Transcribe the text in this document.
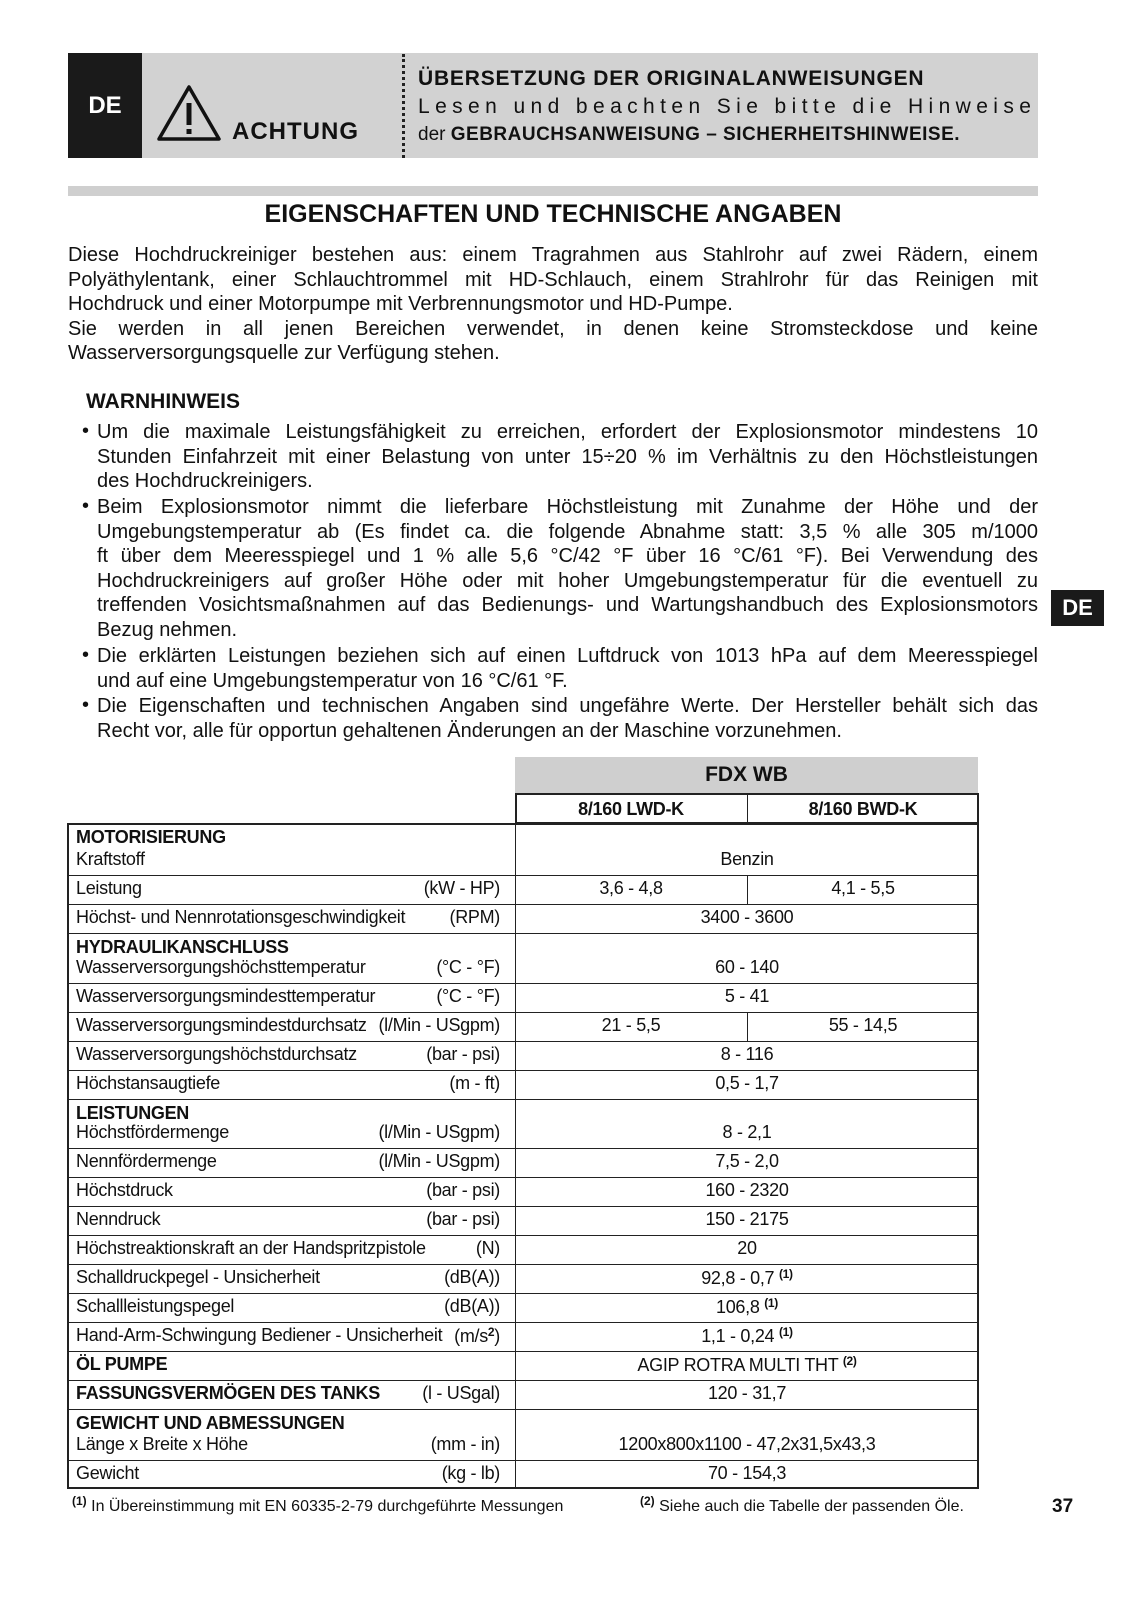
DE
ACHTUNG
ÜBERSETZUNG DER ORIGINALANWEISUNGEN
Lesen und beachten Sie bitte die Hinweise
der GEBRAUCHSANWEISUNG – SICHERHEITSHINWEISE.
EIGENSCHAFTEN UND TECHNISCHE ANGABEN
Diese Hochdruckreiniger bestehen aus: einem Tragrahmen aus Stahlrohr auf zwei Rädern, einem
Polyäthylentank, einer Schlauchtrommel mit HD-Schlauch, einem Strahlrohr für das Reinigen mit
Hochdruck und einer Motorpumpe mit Verbrennungsmotor und HD-Pumpe.
Sie werden in all jenen Bereichen verwendet, in denen keine Stromsteckdose und keine
Wasserversorgungsquelle zur Verfügung stehen.
WARNHINWEIS
• Um die maximale Leistungsfähigkeit zu erreichen, erfordert der Explosionsmotor mindestens 10
Stunden Einfahrzeit mit einer Belastung von unter 15÷20 % im Verhältnis zu den Höchstleistungen
des Hochdruckreinigers.
• Beim Explosionsmotor nimmt die lieferbare Höchstleistung mit Zunahme der Höhe und der
Umgebungstemperatur ab (Es findet ca. die folgende Abnahme statt: 3,5 % alle 305 m/1000
ft über dem Meeresspiegel und 1 % alle 5,6 °C/42 °F über 16 °C/61 °F). Bei Verwendung des
Hochdruckreinigers auf großer Höhe oder mit hoher Umgebungstemperatur für die eventuell zu
treffenden Vosichtsmaßnahmen auf das Bedienungs- und Wartungshandbuch des Explosionsmotors
Bezug nehmen.
• Die erklärten Leistungen beziehen sich auf einen Luftdruck von 1013 hPa auf dem Meeresspiegel
und auf eine Umgebungstemperatur von 16 °C/61 °F.
• Die Eigenschaften und technischen Angaben sind ungefähre Werte. Der Hersteller behält sich das
Recht vor, alle für opportun gehaltenen Änderungen an der Maschine vorzunehmen.
DE
FDX WB
8/160 LWD-K	8/160 BWD-K
MOTORISIERUNG
Kraftstoff	Benzin
Leistung	(kW - HP)	3,6 - 4,8	4,1 - 5,5
Höchst- und Nennrotationsgeschwindigkeit (RPM)	3400 - 3600
HYDRAULIKANSCHLUSS
Wasserversorgungshöchsttemperatur	(°C - °F)	60 - 140
Wasserversorgungsmindesttemperatur	(°C - °F)	5 - 41
Wasserversorgungsmindestdurchsatz (l/Min - USgpm)	21 - 5,5	55 - 14,5
Wasserversorgungshöchstdurchsatz	(bar - psi)	8 - 116
Höchstansaugtiefe	(m - ft)	0,5 - 1,7
LEISTUNGEN
Höchstfördermenge	(l/Min - USgpm)	8 - 2,1
Nennfördermenge	(l/Min - USgpm)	7,5 - 2,0
Höchstdruck	(bar - psi)	160 - 2320
Nenndruck	(bar - psi)	150 - 2175
Höchstreaktionskraft an der Handspritzpistole	(N)	20
Schalldruckpegel - Unsicherheit	(dB(A))	92,8 - 0,7 $^{(1)}$
Schallleistungspegel	(dB(A))	106,8 $^{(1)}$
Hand-Arm-Schwingung Bediener - Unsicherheit $(m/s^2)$	1,1 - 0,24 $^{(1)}$
ÖL PUMPE	AGIP ROTRA MULTI THT $^{(2)}$
FASSUNGSVERMÖGEN DES TANKS (l - USgal)	120 - 31,7
GEWICHT UND ABMESSUNGEN
Länge x Breite x Höhe	(mm - in)	1200x800x1100 - 47,2x31,5x43,3
Gewicht	(kg - lb)	70 - 154,3
$^{(1)}$ In Übereinstimmung mit EN 60335-2-79 durchgeführte Messungen	$^{(2)}$ Siehe auch die Tabelle der passenden Öle.	37
